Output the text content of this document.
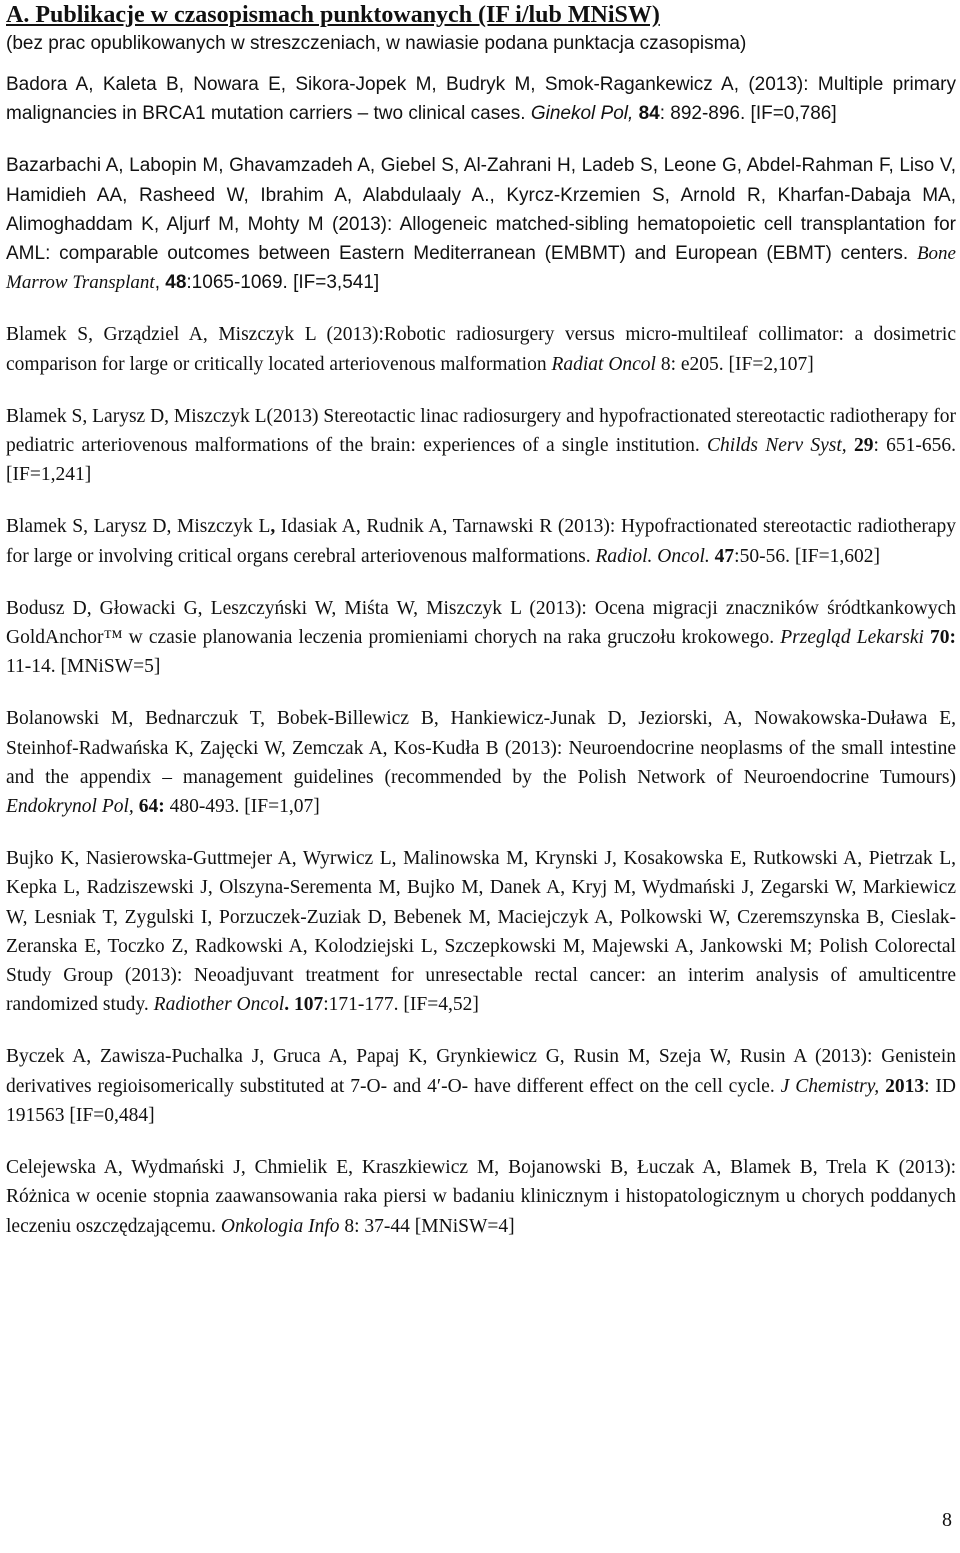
A. Publikacje w czasopismach punktowanych (IF i/lub MNiSW)

(bez prac opublikowanych w streszczeniach, w nawiasie podana punktacja czasopisma)

Badora A, Kaleta B, Nowara E, Sikora-Jopek M, Budryk M, Smok-Ragankewicz A, (2013): Multiple primary malignancies in BRCA1 mutation carriers – two clinical cases. Ginekol Pol, 84: 892-896. [IF=0,786]

Bazarbachi A, Labopin M, Ghavamzadeh A, Giebel S, Al-Zahrani H, Ladeb S, Leone G, Abdel-Rahman F, Liso V, Hamidieh AA, Rasheed W, Ibrahim A, Alabdulaaly A., Kyrcz-Krzemien S, Arnold R, Kharfan-Dabaja MA, Alimoghaddam K, Aljurf M, Mohty M (2013): Allogeneic matched-sibling hematopoietic cell transplantation for AML: comparable outcomes between Eastern Mediterranean (EMBMT) and European (EBMT) centers. Bone Marrow Transplant, 48:1065-1069. [IF=3,541]

Blamek S, Grządziel A, Miszczyk L (2013):Robotic radiosurgery versus micro-multileaf collimator: a dosimetric comparison for large or critically located arteriovenous malformation Radiat Oncol 8: e205. [IF=2,107]

Blamek S, Larysz D, Miszczyk L(2013) Stereotactic linac radiosurgery and hypofractionated stereotactic radiotherapy for pediatric arteriovenous malformations of the brain: experiences of a single institution. Childs Nerv Syst, 29: 651-656. [IF=1,241]

Blamek S, Larysz D, Miszczyk L, Idasiak A, Rudnik A, Tarnawski R (2013): Hypofractionated stereotactic radiotherapy for large or involving critical organs cerebral arteriovenous malformations. Radiol. Oncol. 47:50-56. [IF=1,602]

Bodusz D, Głowacki G, Leszczyński W, Miśta W, Miszczyk L (2013): Ocena migracji znaczników śródtkankowych GoldAnchor™ w czasie planowania leczenia promieniami chorych na raka gruczołu krokowego. Przegląd Lekarski 70: 11-14. [MNiSW=5]

Bolanowski M, Bednarczuk T, Bobek-Billewicz B, Hankiewicz-Junak D, Jeziorski, A, Nowakowska-Duława E, Steinhof-Radwańska K, Zajęcki W, Zemczak A, Kos-Kudła B (2013): Neuroendocrine neoplasms of the small intestine and the appendix – management guidelines (recommended by the Polish Network of Neuroendocrine Tumours) Endokrynol Pol, 64: 480-493. [IF=1,07]

Bujko K, Nasierowska-Guttmejer A, Wyrwicz L, Malinowska M, Krynski J, Kosakowska E, Rutkowski A, Pietrzak L, Kepka L, Radziszewski J, Olszyna-Serementa M, Bujko M, Danek A, Kryj M, Wydmański J, Zegarski W, Markiewicz W, Lesniak T, Zygulski I, Porzuczek-Zuziak D, Bebenek M, Maciejczyk A, Polkowski W, Czeremszynska B, Cieslak-Zeranska E, Toczko Z, Radkowski A, Kolodziejski L, Szczepkowski M, Majewski A, Jankowski M; Polish Colorectal Study Group (2013): Neoadjuvant treatment for unresectable rectal cancer: an interim analysis of amulticentre randomized study. Radiother Oncol. 107:171-177. [IF=4,52]

Byczek A, Zawisza-Puchalka J, Gruca A, Papaj K, Grynkiewicz G, Rusin M, Szeja W, Rusin A (2013): Genistein derivatives regioisomerically substituted at 7-O- and 4′-O- have different effect on the cell cycle. J Chemistry, 2013: ID 191563 [IF=0,484]

Celejewska A, Wydmański J, Chmielik E, Kraszkiewicz M, Bojanowski B, Łuczak A, Blamek B, Trela K (2013): Różnica w ocenie stopnia zaawansowania raka piersi w badaniu klinicznym i histopatologicznym u chorych poddanych leczeniu oszczędzającemu. Onkologia Info 8: 37-44 [MNiSW=4]

8
